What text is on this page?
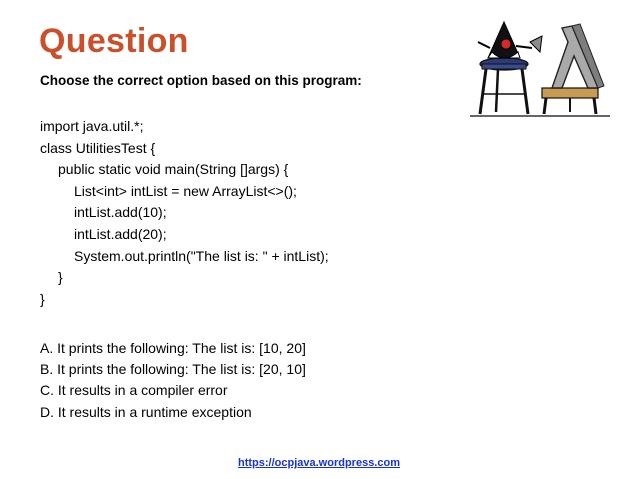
Question
Choose the correct option based on this program:
import java.util.*;
class UtilitiesTest {
public static void main(String []args) {
List<int> intList = new ArrayList<>();
intList.add(10);
intList.add(20);
System.out.println("The list is: " + intList);
}
}
A. It prints the following: The list is: [10, 20]
B. It prints the following: The list is: [20, 10]
C. It results in a compiler error
D. It results in a runtime exception
https://ocpjava.wordpress.com
